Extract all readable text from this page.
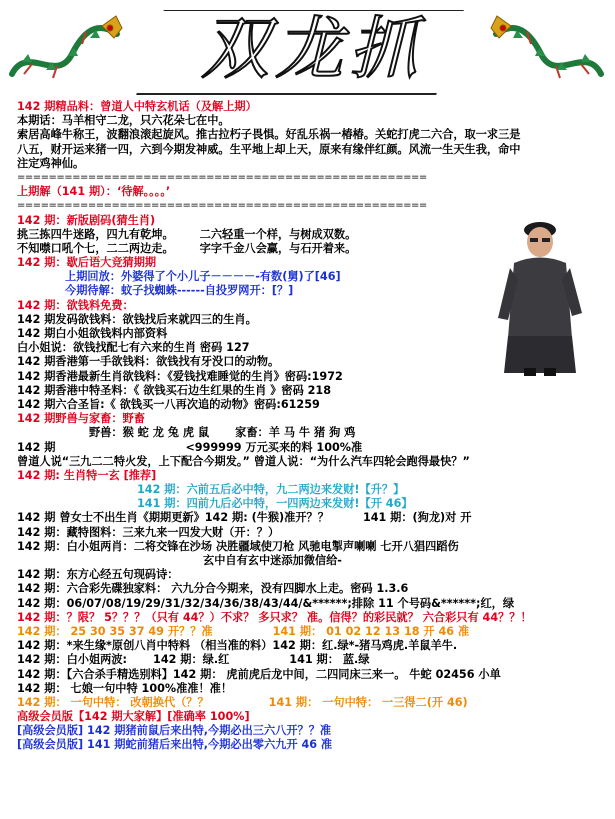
双龙抓
142 期精品料：曾道人中特玄机话（及解上期）
本期话：马羊相守二龙，只六花朵七在中。
索居高峰牛称王，波翻浪滚起旋风。推古拉朽子畏惧。好乱乐祸一椿椿。关蛇打虎二六合，取一求三是
八五，财开运来猪一四，六到今期发神威。生平地上却上天，原来有缘伴红颜。风流一生天生我，命中
注定鸡神仙。
====================================================
上期解（141 期）：‘待解。。。。’
====================================================
142 期：新版剧码(猜生肖)
挑三拣四牛迷路，四九有乾坤。 二六轻重一个样，与树成双数。
不知噤口吼个七，二二两边走。 字字千金八会赢，与石开着来。
142 期：歇后语大竞猜期期
上期回放：外婆得了个小儿子－－－－-有数(舅)了[46]
今期待解：蚊子找蜘蛛------自投罗网开：[？]
142 期：欲钱料免费：
142 期发码欲钱料：欲钱找后来就四三的生肖。
142 期白小姐欲钱料内部资料
白小姐说：欲钱找配七有六来的生肖 密码 127
142 期香港第一手欲钱料：欲钱找有牙没口的动物。
142 期香港最新生肖欲钱料：《爱钱找难睡觉的生肖》密码:1972
142 期香港中特圣料：《 欲钱买石边生红果的生肖 》密码 218
142 期六合圣旨:《 欲钱买一八再次追的动物》密码:61259
142 期野兽与家畜：野畜
野兽：猴 蛇 龙 兔 虎 鼠 家畜：羊 马 牛 猪 狗 鸡
142 期	<999999 万元买来的料 100%准
曾道人说“三九二二特火发，上下配合今期发。” 曾道人说：“为什么汽车四轮会跑得最快？”
142 期: 生肖特一玄 [推荐]
142 期：六前五后必中特，九二两边来发财!【升？】
141 期：四前九后必中特，一四两边来发财!【开 46】
142 期 曾女士不出生肖《期期更新》142 期: (牛猴)准开？？	141 期：(狗龙)对 开
142 期：藏特图料：三来九来一四发大财（开：？）
142 期：白小姐两肖：二将交锋在沙场 决胜疆域使刀枪 风驰电掣声喇喇 七开八猖四蹈伤
玄中自有玄中迷添加微信给-
142 期：东方心经五句现码诗：
142 期：六合彩先碟独家料： 六九分合今期来，没有四脚水上走。密码 1.3.6
142 期：06/07/08/19/29/31/32/34/36/38/43/44/&******;排除 11 个号码&******;红，绿
142 期：？限？ 5？？？（只有 44？）不求？ 多只求？ 准。信得？的彩民就？ 六合彩只有 44？？！
142 期： 25 30 35 37 49 开？？准	141 期： 01 02 12 13 18 开 46 准
142 期：*来生缘*原创八肖中特料 （相当准的料）142 期：红.绿*-猪马鸡虎.羊鼠羊牛.
142 期：白小姐两波: 142 期：绿.红	141 期： 蓝.绿
142 期：【六合杀手精选别料】142 期： 虎前虎后龙中间，二四同床三来一。 牛蛇 02456 小单
142 期： 七娘一句中特 100%准准！准！
142 期： 一句中特： 改朝换代（？？	141 期： 一句中特： 一三得二(开 46)
高级会员版【142 期大家解】[准确率 100%]
[高级会员版] 142 期猪前鼠后来出特,今期必出三六八开？？准
[高级会员版] 141 期蛇前猪后来出特,今期必出零六九开 46 准
